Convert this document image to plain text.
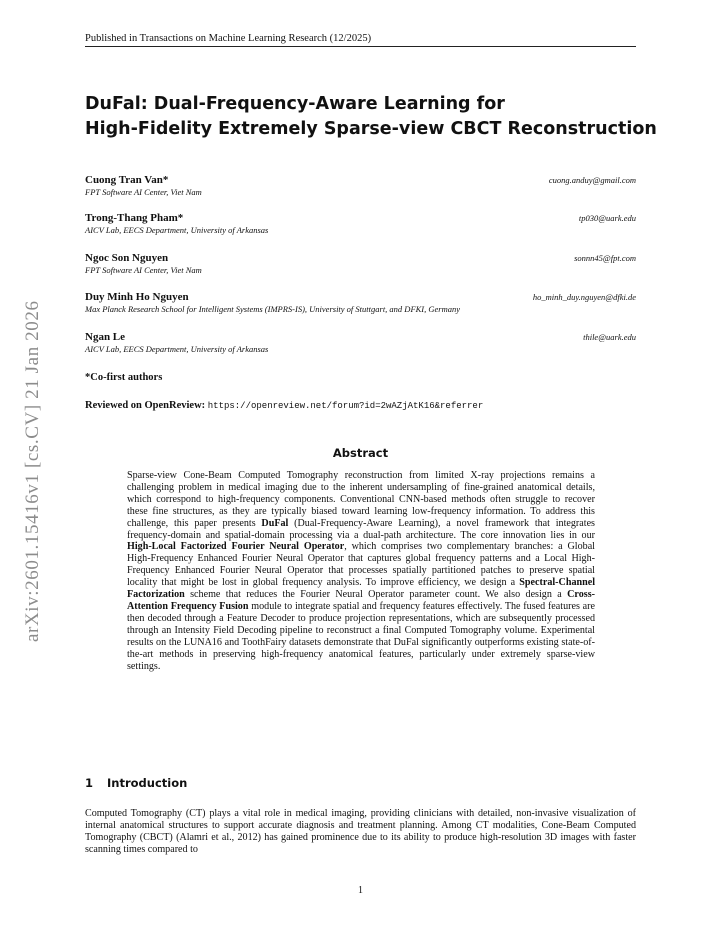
arXiv:2601.15416v1 [cs.CV] 21 Jan 2026
Published in Transactions on Machine Learning Research (12/2025)
DuFal: Dual-Frequency-Aware Learning for
High-Fidelity Extremely Sparse-view CBCT Reconstruction
Cuong Tran Van*	cuong.anduy@gmail.com
FPT Software AI Center, Viet Nam
Trong-Thang Pham*	tp030@uark.edu
AICV Lab, EECS Department, University of Arkansas
Ngoc Son Nguyen	sonnn45@fpt.com
FPT Software AI Center, Viet Nam
Duy Minh Ho Nguyen	ho_minh_duy.nguyen@dfki.de
Max Planck Research School for Intelligent Systems (IMPRS-IS), University of Stuttgart, and DFKI, Germany
Ngan Le	thile@uark.edu
AICV Lab, EECS Department, University of Arkansas
*Co-first authors
Reviewed on OpenReview: https://openreview.net/forum?id=2wAZjAtK16&referrer
Abstract
Sparse-view Cone-Beam Computed Tomography reconstruction from limited X-ray projections remains a challenging problem in medical imaging due to the inherent undersampling of fine-grained anatomical details, which correspond to high-frequency components. Conventional CNN-based methods often struggle to recover these fine structures, as they are typically biased toward learning low-frequency information. To address this challenge, this paper presents DuFal (Dual-Frequency-Aware Learning), a novel framework that integrates frequency-domain and spatial-domain processing via a dual-path architecture. The core innovation lies in our High-Local Factorized Fourier Neural Operator, which comprises two complementary branches: a Global High-Frequency Enhanced Fourier Neural Operator that captures global frequency patterns and a Local High-Frequency Enhanced Fourier Neural Operator that processes spatially partitioned patches to preserve spatial locality that might be lost in global frequency analysis. To improve efficiency, we design a Spectral-Channel Factorization scheme that reduces the Fourier Neural Operator parameter count. We also design a Cross-Attention Frequency Fusion module to integrate spatial and frequency features effectively. The fused features are then decoded through a Feature Decoder to produce projection representations, which are subsequently processed through an Intensity Field Decoding pipeline to reconstruct a final Computed Tomography volume. Experimental results on the LUNA16 and ToothFairy datasets demonstrate that DuFal significantly outperforms existing state-of-the-art methods in preserving high-frequency anatomical features, particularly under extremely sparse-view settings.
1 Introduction
Computed Tomography (CT) plays a vital role in medical imaging, providing clinicians with detailed, non-invasive visualization of internal anatomical structures to support accurate diagnosis and treatment planning. Among CT modalities, Cone-Beam Computed Tomography (CBCT) (Alamri et al., 2012) has gained prominence due to its ability to produce high-resolution 3D images with faster scanning times compared to
1
